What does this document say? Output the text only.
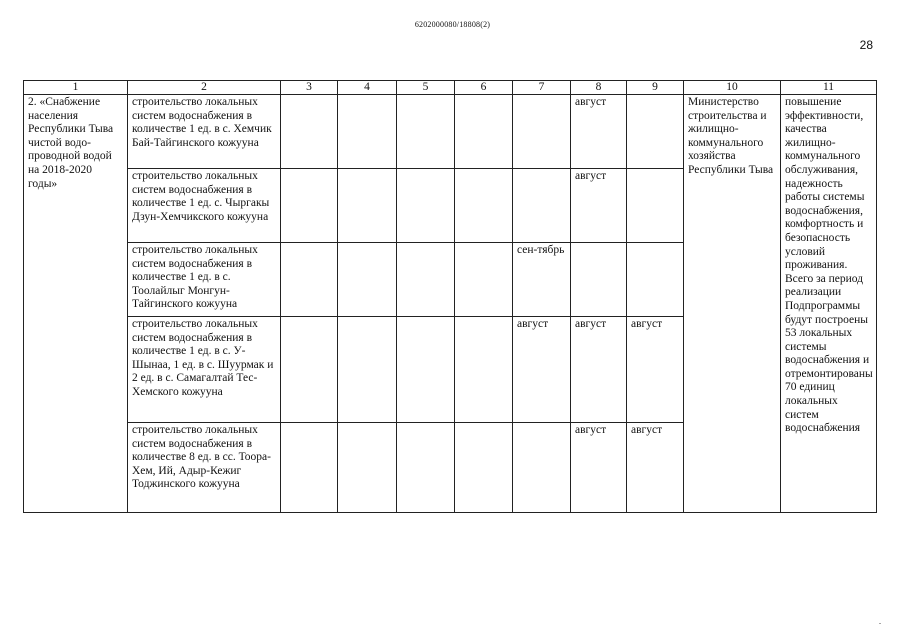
6202000080/18808(2)
28
1	2	3	4	5	6	7	8	9	10	11
2. «Снабжение населения Республики Тыва чистой водо-проводной водой на 2018-2020 годы»	строительство локальных систем водоснабжения в количестве 1 ед. в с. Хемчик Бай-Тайгинского кожууна						август		Министерство строительства и жилищно-коммунального хозяйства Республики Тыва	повышение эффективности, качества жилищно-коммунального обслуживания, надежность работы системы водоснабжения, комфортность и безопасность условий проживания. Всего за период реализации Подпрограммы будут построены 53 локальных системы водоснабжения и отремонтированы 70 единиц локальных систем водоснабжения
	строительство локальных систем водоснабжения в количестве 1 ед. с. Чыргакы Дзун-Хемчикского кожууна						август			
	строительство локальных систем водоснабжения в количестве 1 ед. в с. Тоолайлыг Монгун-Тайгинского кожууна					сен-тябрь				
	строительство локальных систем водоснабжения в количестве 1 ед. в с. У-Шынаа, 1 ед. в с. Шуурмак и 2 ед. в с. Самагалтай Тес-Хемского кожууна					август	август	август		
	строительство локальных систем водоснабжения в количестве 8 ед. в сс. Тоора-Хем, Ий, Адыр-Кежиг Тоджинского кожууна						август	август		
.
